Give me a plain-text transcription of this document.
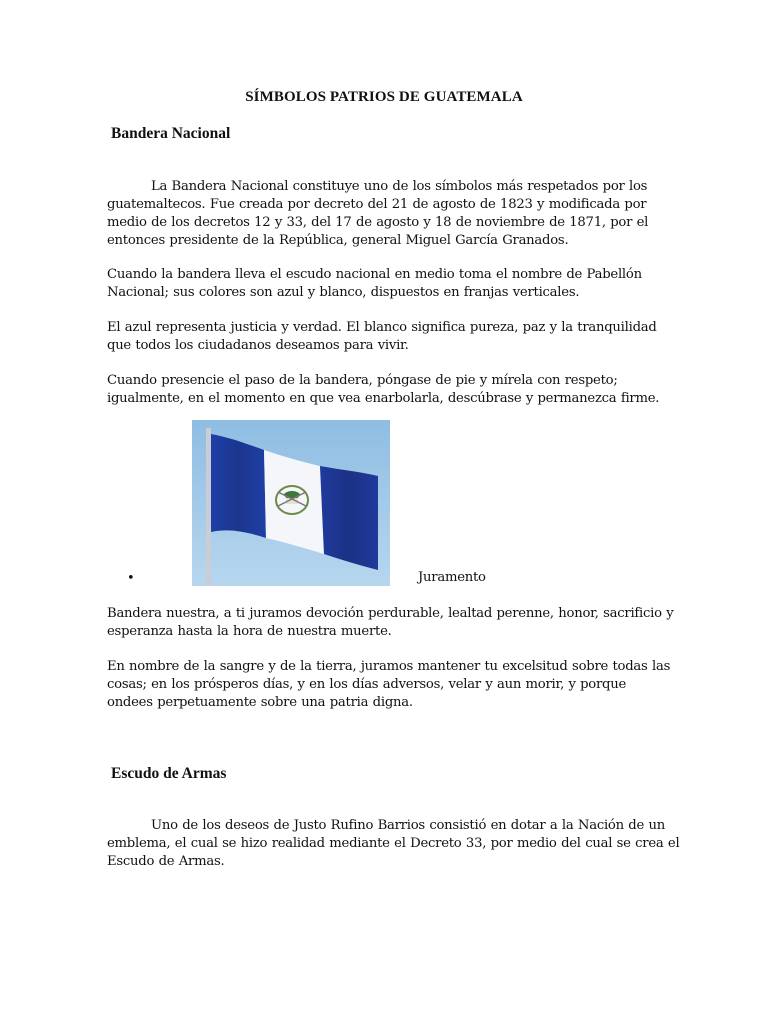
SÍMBOLOS PATRIOS DE GUATEMALA
Bandera Nacional

La Bandera Nacional constituye uno de los símbolos más respetados por los
guatemaltecos. Fue creada por decreto del 21 de agosto de 1823 y modificada por
medio de los decretos 12 y 33, del 17 de agosto y 18 de noviembre de 1871, por el
entonces presidente de la República, general Miguel García Granados.

Cuando la bandera lleva el escudo nacional en medio toma el nombre de Pabellón
Nacional; sus colores son azul y blanco, dispuestos en franjas verticales.

El azul representa justicia y verdad. El blanco significa pureza, paz y la tranquilidad
que todos los ciudadanos deseamos para vivir.

Cuando presencie el paso de la bandera, póngase de pie y mírela con respeto;
igualmente, en el momento en que vea enarbolarla, descúbrase y permanezca firme.

•	Juramento

Bandera nuestra, a ti juramos devoción perdurable, lealtad perenne, honor, sacrificio y
esperanza hasta la hora de nuestra muerte.

En nombre de la sangre y de la tierra, juramos mantener tu excelsitud sobre todas las
cosas; en los prósperos días, y en los días adversos, velar y aun morir, y porque
ondees perpetuamente sobre una patria digna.

Escudo de Armas

Uno de los deseos de Justo Rufino Barrios consistió en dotar a la Nación de un
emblema, el cual se hizo realidad mediante el Decreto 33, por medio del cual se crea el
Escudo de Armas.
